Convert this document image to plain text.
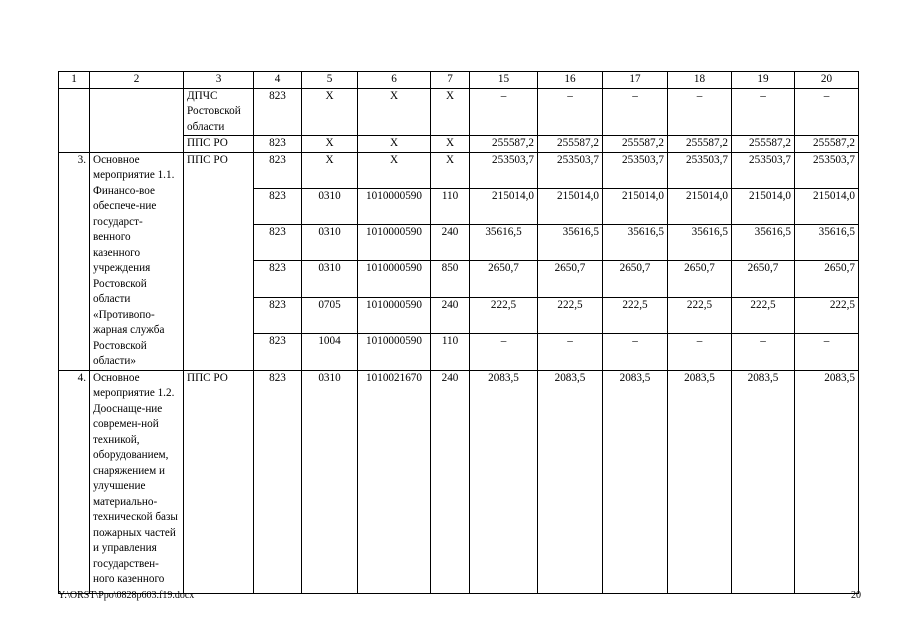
1	2	3	4	5	6	7	15	16	17	18	19	20
		ДПЧС Ростовской области	823	Х	Х	Х	–	–	–	–	–	–
		ППС РО	823	Х	Х	Х	255587,2	255587,2	255587,2	255587,2	255587,2	255587,2
3.	Основное мероприятие 1.1. Финансо-вое обеспече-ние государст-венного казенного учреждения Ростовской области «Противопо-жарная служба Ростовской области»	ППС РО	823	Х	Х	Х	253503,7	253503,7	253503,7	253503,7	253503,7	253503,7
			823	0310	1010000590	110	215014,0	215014,0	215014,0	215014,0	215014,0	215014,0
			823	0310	1010000590	240	35616,5	35616,5	35616,5	35616,5	35616,5	35616,5
			823	0310	1010000590	850	2650,7	2650,7	2650,7	2650,7	2650,7	2650,7
			823	0705	1010000590	240	222,5	222,5	222,5	222,5	222,5	222,5
			823	1004	1010000590	110	–	–	–	–	–	–
4.	Основное мероприятие 1.2. Дооснаще-ние современ-ной техникой, оборудованием, снаряжением и улучшение материально-технической базы пожарных частей и управления государствен-ного казенного	ППС РО	823	0310	1010021670	240	2083,5	2083,5	2083,5	2083,5	2083,5	2083,5
Y:\ORST\Ppo\0828p603.f19.docx	20
